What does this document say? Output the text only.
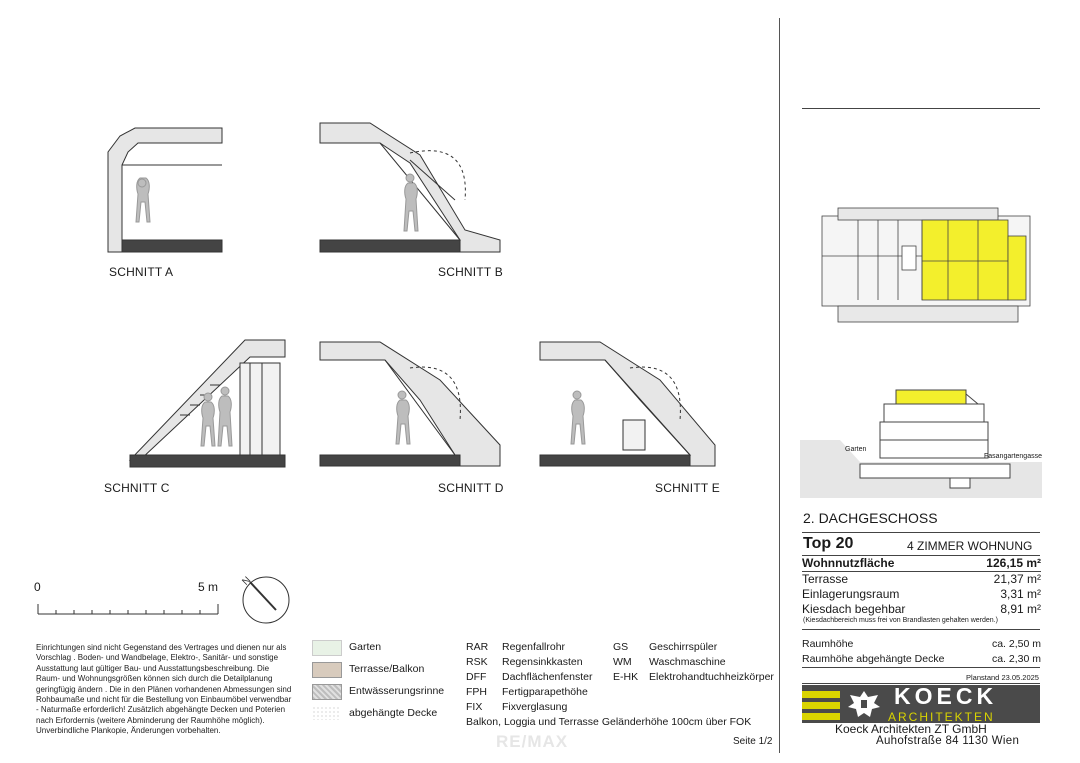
SCHNITT A	SCHNITT B
SCHNITT C	SCHNITT D	SCHNITT E
0	5 m N
Einrichtungen sind nicht Gegenstand des Vertrages und dienen nur als Vorschlag . Boden- und Wandbelage, Elektro-, Sanitär- und sonstige Ausstattung laut gültiger Bau- und Ausstattungsbeschreibung. Die Raum- und Wohnungsgrößen können sich durch die Detailplanung geringfügig ändern . Die in den Plänen vorhandenen Abmessungen sind Rohbaumaße und nicht für die Bestellung von Einbaumöbel verwendbar - Naturmaße erforderlich! Zusätzlich abgehängte Decken und Poterien nach Erfordernis (weitere Abminderung der Raumhöhe möglich). Unverbindliche Plankopie, Änderungen vorbehalten.
Garten
Terrasse/Balkon
Entwässerungsrinne
abgehängte Decke
RAR Regenfallrohr
RSK Regensinkkasten
DFF Dachflächenfenster
FPH Fertigparapethöhe
FIX Fixverglasung
GS Geschirrspüler
WM Waschmaschine
E-HK Elektrohandtuchheizkörper
Balkon, Loggia und Terrasse Geländerhöhe 100cm über FOK
RE/MAX	Seite 1/2
Garten
Fasangartengasse
2. DACHGESCHOSS
Top 20	4 ZIMMER WOHNUNG
Wohnnutzfläche	126,15 m²
Terrasse	21,37 m²
Einlagerungsraum	3,31 m²
Kiesdach begehbar	8,91 m²
(Kiesdachbereich muss frei von Brandlasten gehalten werden.)
Raumhöhe	ca. 2,50 m
Raumhöhe abgehängte Decke	ca. 2,30 m
Planstand 23.05.2025
KOECK
ARCHITEKTEN
Koeck Architekten ZT GmbH
Auhofstraße 84 1130 Wien
